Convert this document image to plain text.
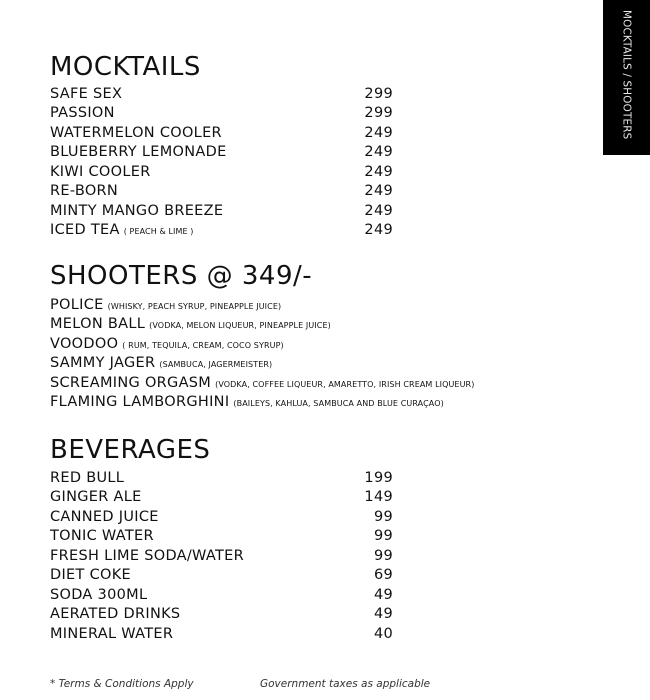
MOCKTAILS / SHOOTERS
MOCKTAILS
SAFE SEX	299
PASSION	299
WATERMELON COOLER	249
BLUEBERRY LEMONADE	249
KIWI COOLER	249
RE-BORN	249
MINTY MANGO BREEZE	249
ICED TEA ( PEACH & LIME )	249
SHOOTERS @ 349/-
POLICE (WHISKY, PEACH SYRUP, PINEAPPLE JUICE)
MELON BALL (VODKA, MELON LIQUEUR, PINEAPPLE JUICE)
VOODOO ( RUM, TEQUILA, CREAM, COCO SYRUP)
SAMMY JAGER (SAMBUCA, JAGERMEISTER)
SCREAMING ORGASM (VODKA, COFFEE LIQUEUR, AMARETTO, IRISH CREAM LIQUEUR)
FLAMING LAMBORGHINI (BAILEYS, KAHLUA, SAMBUCA AND BLUE CURAÇAO)
BEVERAGES
RED BULL	199
GINGER ALE	149
CANNED JUICE	99
TONIC WATER	99
FRESH LIME SODA/WATER	99
DIET COKE	69
SODA 300ML	49
AERATED DRINKS	49
MINERAL WATER	40
* Terms & Conditions Apply	Government taxes as applicable
